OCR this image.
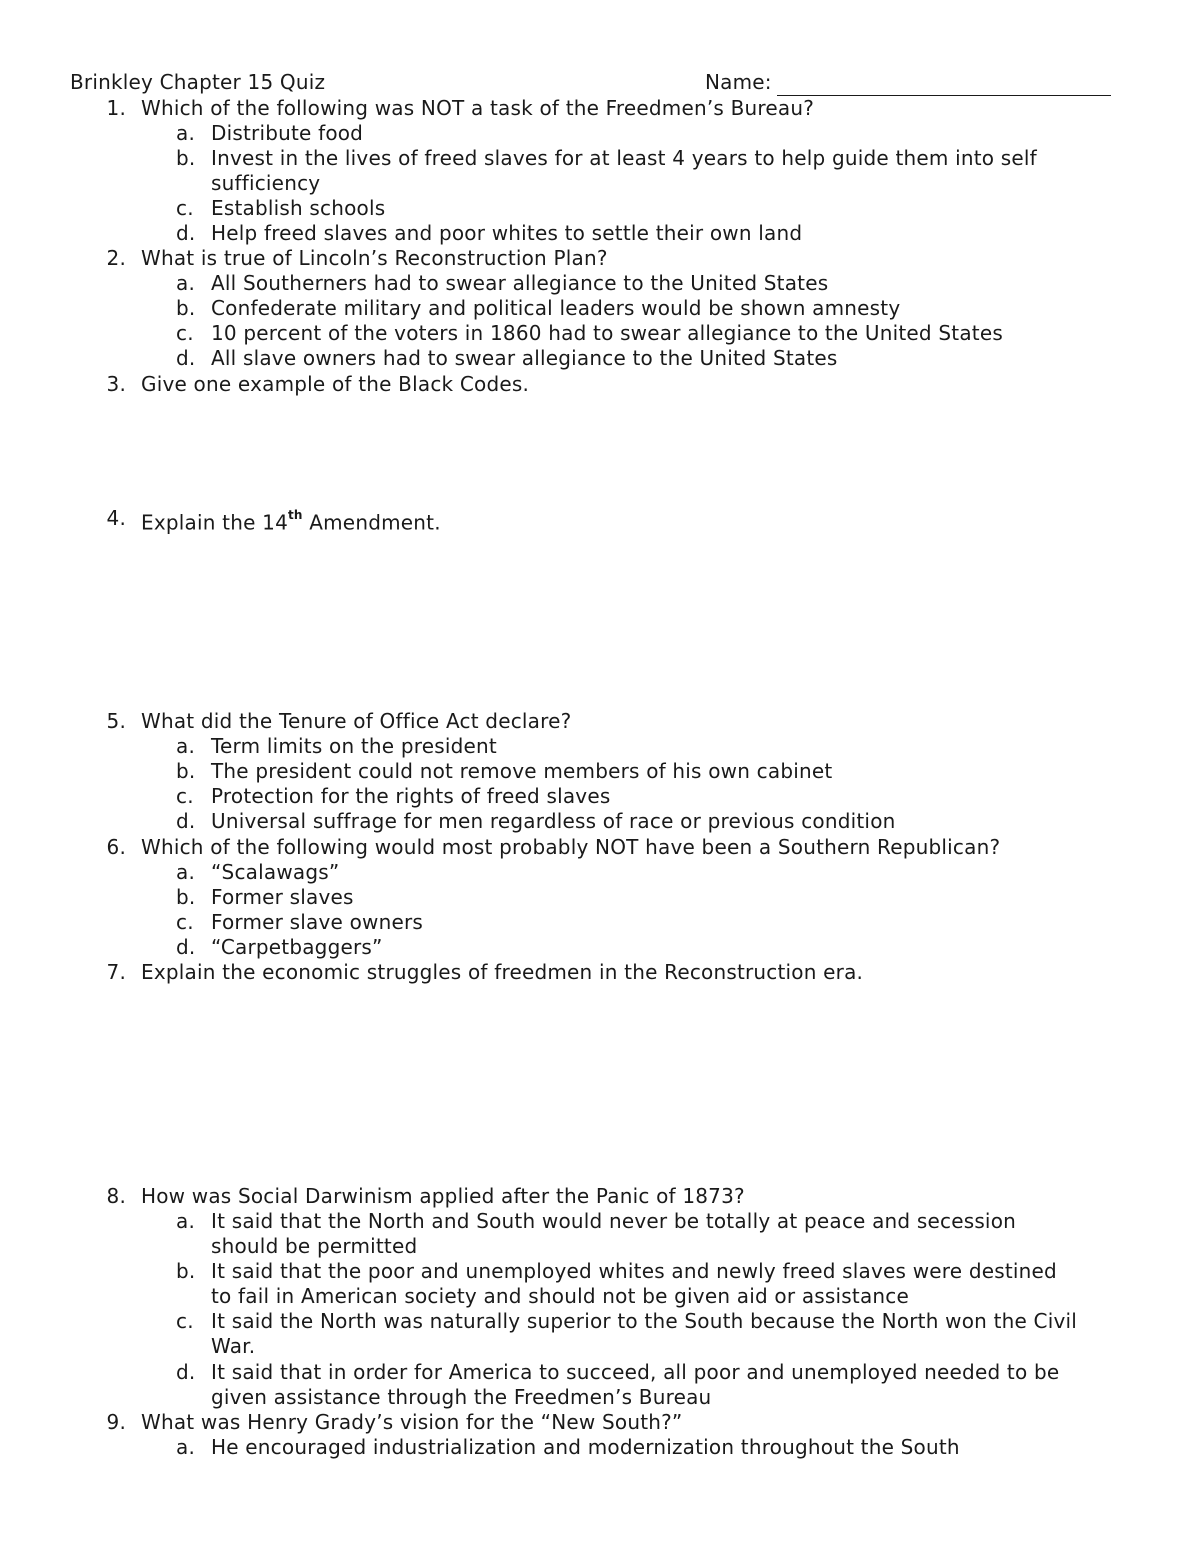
Brinkley Chapter 15 Quiz	Name:
1. Which of the following was NOT a task of the Freedmen’s Bureau?
a. Distribute food
b. Invest in the lives of freed slaves for at least 4 years to help guide them into self
sufficiency
c. Establish schools
d. Help freed slaves and poor whites to settle their own land
2. What is true of Lincoln’s Reconstruction Plan?
a. All Southerners had to swear allegiance to the United States
b. Confederate military and political leaders would be shown amnesty
c. 10 percent of the voters in 1860 had to swear allegiance to the United States
d. All slave owners had to swear allegiance to the United States
3. Give one example of the Black Codes.
4. Explain the 14th Amendment.
5. What did the Tenure of Office Act declare?
a. Term limits on the president
b. The president could not remove members of his own cabinet
c. Protection for the rights of freed slaves
d. Universal suffrage for men regardless of race or previous condition
6. Which of the following would most probably NOT have been a Southern Republican?
a. “Scalawags”
b. Former slaves
c. Former slave owners
d. “Carpetbaggers”
7. Explain the economic struggles of freedmen in the Reconstruction era.
8. How was Social Darwinism applied after the Panic of 1873?
a. It said that the North and South would never be totally at peace and secession
should be permitted
b. It said that the poor and unemployed whites and newly freed slaves were destined
to fail in American society and should not be given aid or assistance
c. It said the North was naturally superior to the South because the North won the Civil
War.
d. It said that in order for America to succeed, all poor and unemployed needed to be
given assistance through the Freedmen’s Bureau
9. What was Henry Grady’s vision for the “New South?”
a. He encouraged industrialization and modernization throughout the South
